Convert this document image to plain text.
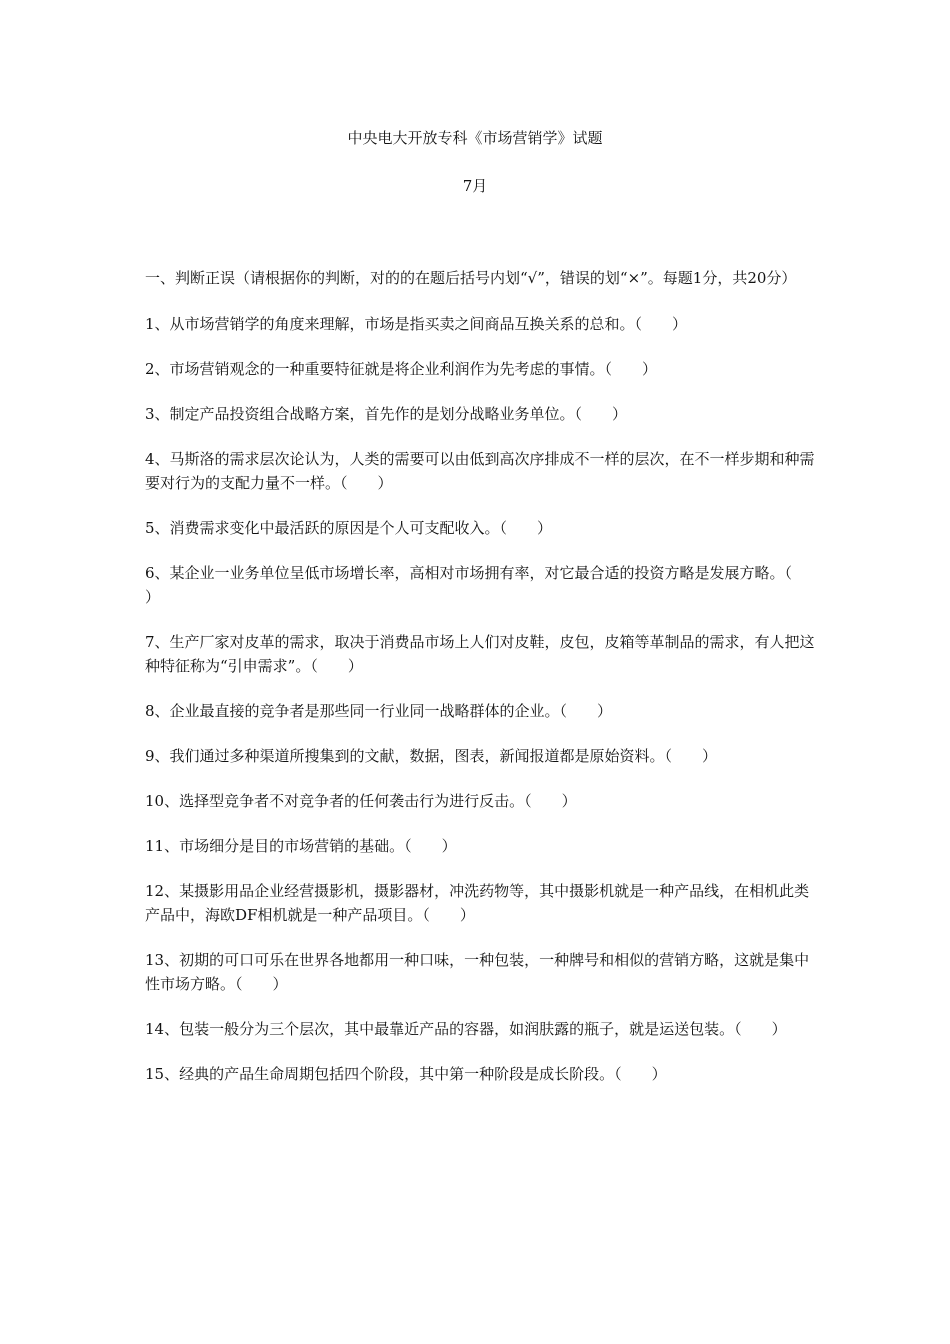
中央电大开放专科《市场营销学》试题
7月

一、判断正误（请根据你的判断，对的的在题后括号内划“√”，错误的划“×”。每题1分，共20分）

1、从市场营销学的角度来理解，市场是指买卖之间商品互换关系的总和。（　　）

2、市场营销观念的一种重要特征就是将企业利润作为先考虑的事情。（　　）

3、制定产品投资组合战略方案，首先作的是划分战略业务单位。（　　）

4、马斯洛的需求层次论认为，人类的需要可以由低到高次序排成不一样的层次，在不一样步期和种需要对行为的支配力量不一样。（　　）

5、消费需求变化中最活跃的原因是个人可支配收入。（　　）

6、某企业一业务单位呈低市场增长率，高相对市场拥有率，对它最合适的投资方略是发展方略。（　　）

7、生产厂家对皮革的需求，取决于消费品市场上人们对皮鞋，皮包，皮箱等革制品的需求，有人把这种特征称为“引申需求”。（　　）

8、企业最直接的竞争者是那些同一行业同一战略群体的企业。（　　）

9、我们通过多种渠道所搜集到的文献，数据，图表，新闻报道都是原始资料。（　　）

10、选择型竞争者不对竞争者的任何袭击行为进行反击。（　　）

11、市场细分是目的市场营销的基础。（　　）

12、某摄影用品企业经营摄影机，摄影器材，冲洗药物等，其中摄影机就是一种产品线，在相机此类产品中，海欧DF相机就是一种产品项目。（　　）

13、初期的可口可乐在世界各地都用一种口味，一种包装，一种牌号和相似的营销方略，这就是集中性市场方略。（　　）

14、包装一般分为三个层次，其中最靠近产品的容器，如润肤露的瓶子，就是运送包装。（　　）

15、经典的产品生命周期包括四个阶段，其中第一种阶段是成长阶段。（　　）
